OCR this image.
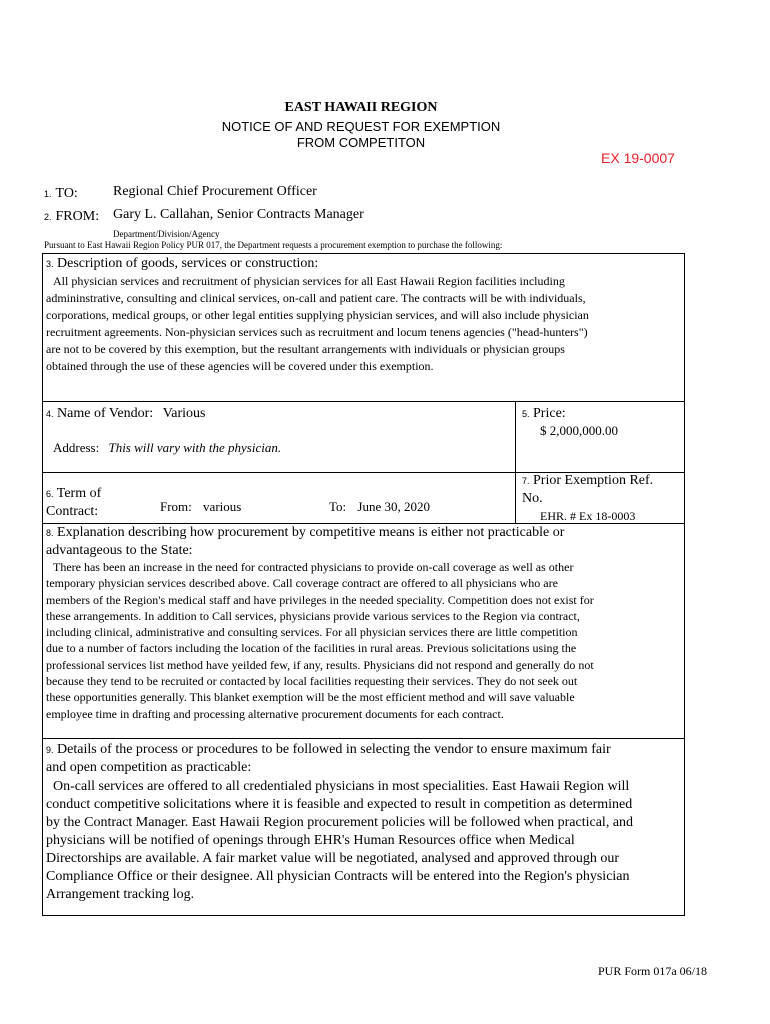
EAST HAWAII REGION
NOTICE OF AND REQUEST FOR EXEMPTION
FROM COMPETITON
EX 19-0007
1. TO:	Regional Chief Procurement Officer
2. FROM: Gary L. Callahan, Senior Contracts Manager
Department/Division/Agency
Pursuant to East Hawaii Region Policy PUR 017, the Department requests a procurement exemption to purchase the following:
3. Description of goods, services or construction:
All physician services and recruitment of physician services for all East Hawaii Region facilities including
admininstrative, consulting and clinical services, on-call and patient care. The contracts will be with individuals,
corporations, medical groups, or other legal entities supplying physician services, and will also include physician
recruitment agreements. Non-physician services such as recruitment and locum tenens agencies ("head-hunters")
are not to be covered by this exemption, but the resultant arrangements with individuals or physician groups
obtained through the use of these agencies will be covered under this exemption.
4. Name of Vendor: Various
Address: This will vary with the physician.
5. Price:
$ 2,000,000.00
6. Term of
Contract:	From: various	To: June 30, 2020
7. Prior Exemption Ref.
No.
EHR. # Ex 18-0003
8. Explanation describing how procurement by competitive means is either not practicable or
advantageous to the State:
There has been an increase in the need for contracted physicians to provide on-call coverage as well as other
temporary physician services described above. Call coverage contract are offered to all physicians who are
members of the Region's medical staff and have privileges in the needed speciality. Competition does not exist for
these arrangements. In addition to Call services, physicians provide various services to the Region via contract,
including clinical, administrative and consulting services. For all physician services there are little competition
due to a number of factors including the location of the facilities in rural areas. Previous solicitations using the
professional services list method have yeilded few, if any, results. Physicians did not respond and generally do not
because they tend to be recruited or contacted by local facilities requesting their services. They do not seek out
these opportunities generally. This blanket exemption will be the most efficient method and will save valuable
employee time in drafting and processing alternative procurement documents for each contract.
9. Details of the process or procedures to be followed in selecting the vendor to ensure maximum fair
and open competition as practicable:
On-call services are offered to all credentialed physicians in most specialities. East Hawaii Region will
conduct competitive solicitations where it is feasible and expected to result in competition as determined
by the Contract Manager. East Hawaii Region procurement policies will be followed when practical, and
physicians will be notified of openings through EHR's Human Resources office when Medical
Directorships are available. A fair market value will be negotiated, analysed and approved through our
Compliance Office or their designee. All physician Contracts will be entered into the Region's physician
Arrangement tracking log.
PUR Form 017a 06/18
